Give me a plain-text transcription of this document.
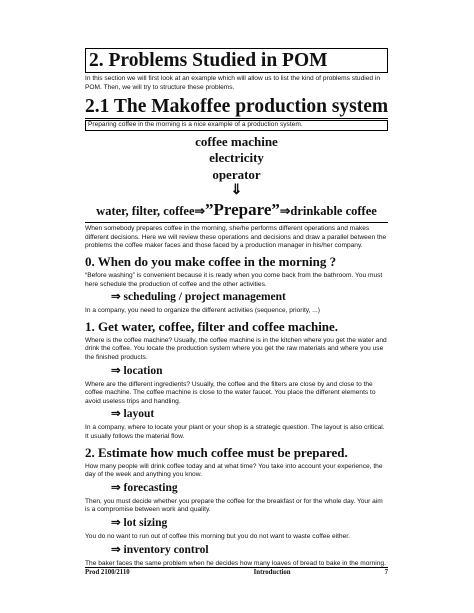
2. Problems Studied in POM

In this section we will first look at an example which will allow us to list the kind of problems studied in POM. Then, we will try to structure these problems.

2.1 The Makoffee production system

Preparing coffee in the morning is a nice example of a production system.

coffee machine
electricity
operator
⇓
water, filter, coffee⇒”Prepare”⇒drinkable coffee

When somebody prepares coffee in the morning, she/he performs different operations and makes different decisions. Here we will review these operations and decisions and draw a parallel between the problems the coffee maker faces and those faced by a production manager in his/her company.

0. When do you make coffee in the morning ?

“Before washing” is convenient because it is ready when you come back from the bathroom. You must here schedule the production of coffee and the other activities.

⇒ scheduling / project management

In a company, you need to organize the different activities (sequence, priority, ...)

1. Get water, coffee, filter and coffee machine.

Where is the coffee machine? Usually, the coffee machine is in the kitchen where you get the water and drink the coffee. You locate the production system where you get the raw materials and where you use the finished products.

⇒ location

Where are the different ingredients? Usually, the coffee and the filters are close by and close to the coffee machine. The coffee machine is close to the water faucet. You place the different elements to avoid useless trips and handling.

⇒ layout

In a company, where to locate your plant or your shop is a strategic question. The layout is also critical. It usually follows the material flow.

2. Estimate how much coffee must be prepared.

How many people will drink coffee today and at what time? You take into account your experience, the day of the week and anything you know.

⇒ forecasting

Then, you must decide whether you prepare the coffee for the breakfast or for the whole day. Your aim is a compromise between work and quality.

⇒ lot sizing

You do no want to run out of coffee this morning but you do not want to waste coffee either.

⇒ inventory control

The baker faces the same problem when he decides how many loaves of bread to bake in the morning.

Prod 2100/2110	Introduction	7
